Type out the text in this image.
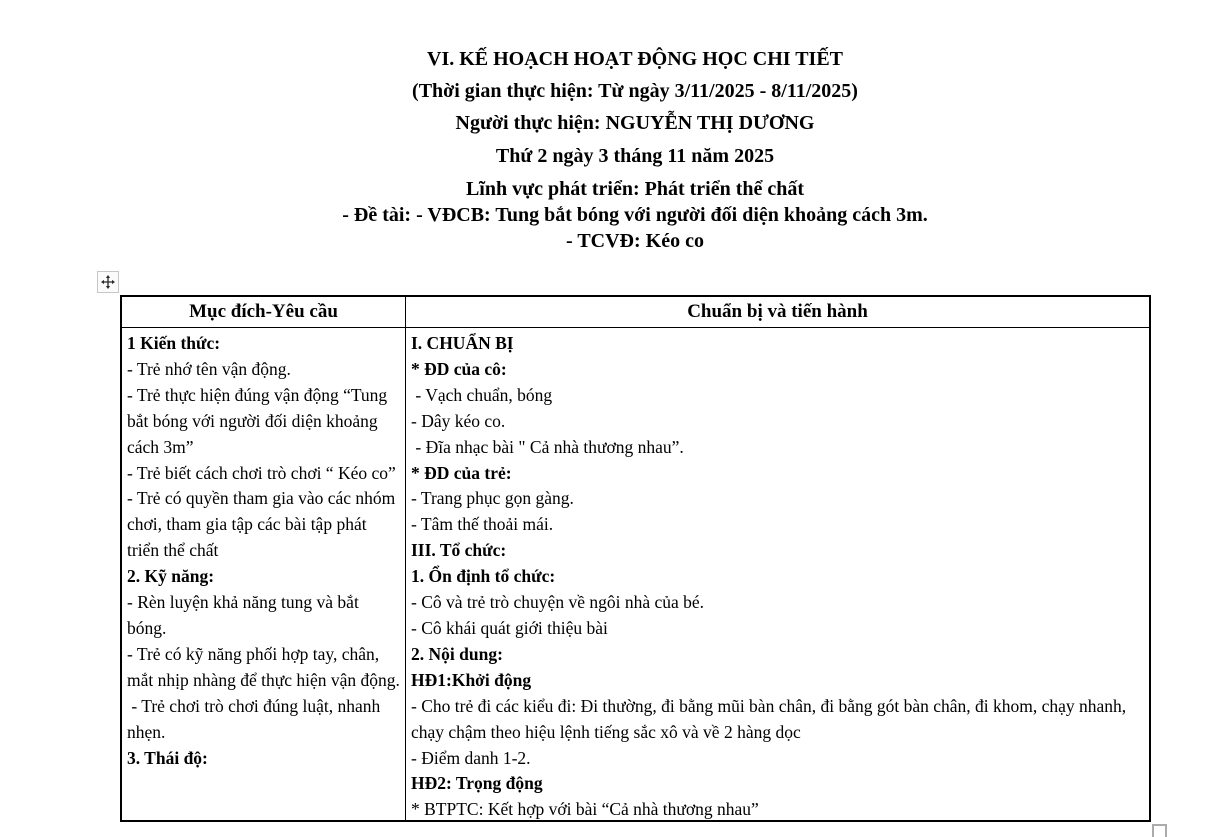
VI. KẾ HOẠCH HOẠT ĐỘNG HỌC CHI TIẾT
(Thời gian thực hiện: Từ ngày 3/11/2025 - 8/11/2025)
Người thực hiện: NGUYỄN THỊ DƯƠNG
Thứ 2 ngày 3 tháng 11 năm 2025
Lĩnh vực phát triển: Phát triển thể chất
- Đề tài: - VĐCB: Tung bắt bóng với người đối diện khoảng cách 3m.
- TCVĐ: Kéo co
Mục đích-Yêu cầu	Chuẩn bị và tiến hành

1 Kiến thức:

- Trẻ nhớ tên vận động.

- Trẻ thực hiện đúng vận động “Tung bắt bóng với người đối diện khoảng cách 3m”

- Trẻ biết cách chơi trò chơi “ Kéo co”

- Trẻ có quyền tham gia vào các nhóm chơi, tham gia tập các bài tập phát triển thể chất

2. Kỹ năng:

- Rèn luyện khả năng tung và bắt bóng.

- Trẻ có kỹ năng phối hợp tay, chân, mắt nhịp nhàng để thực hiện vận động.

- Trẻ chơi trò chơi đúng luật, nhanh nhẹn.

3. Thái độ:

I. CHUẨN BỊ

* ĐD của cô:

- Vạch chuẩn, bóng

- Dây kéo co.

- Đĩa nhạc bài " Cả nhà thương nhau”.

* ĐD của trẻ:

- Trang phục gọn gàng.

- Tâm thế thoải mái.

III. Tổ chức:

1. Ổn định tổ chức:

- Cô và trẻ trò chuyện về ngôi nhà của bé.

- Cô khái quát giới thiệu bài

2. Nội dung:

HĐ1:Khởi động

- Cho trẻ đi các kiểu đi: Đi thường, đi bằng mũi bàn chân, đi bằng gót bàn chân, đi khom, chạy nhanh, chạy chậm theo hiệu lệnh tiếng sắc xô và về 2 hàng dọc

- Điểm danh 1-2.

HĐ2: Trọng động

* BTPTC: Kết hợp với bài “Cả nhà thương nhau”
